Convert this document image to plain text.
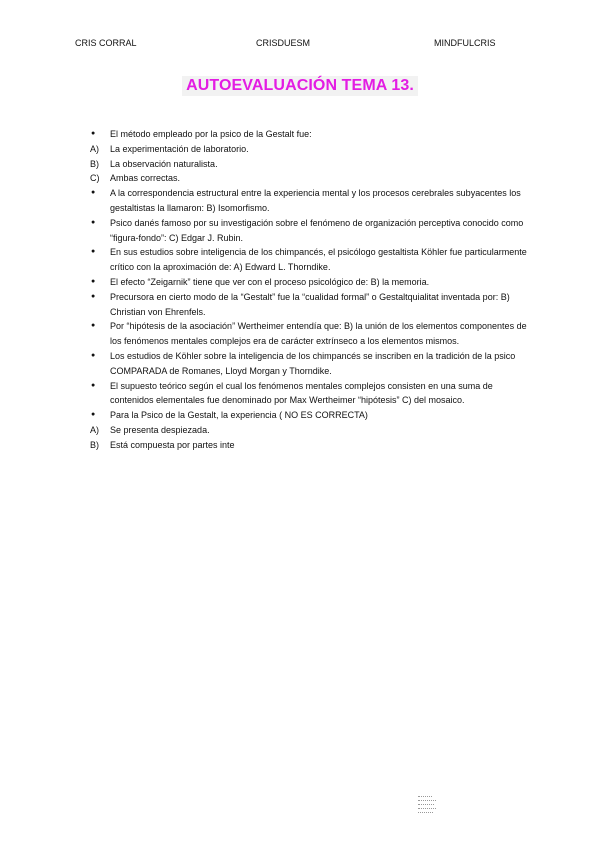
CRIS CORRAL	CRISDUESM	MINDFULCRIS
AUTOEVALUACIÓN TEMA 13.
●	El método empleado por la psico de la Gestalt fue:
A)	La experimentación de laboratorio.
B)	La observación naturalista.
C)	Ambas correctas.
●	A la correspondencia estructural entre la experiencia mental y los procesos cerebrales subyacentes los gestaltistas la llamaron: B) Isomorfismo.
●	Psico danés famoso por su investigación sobre el fenómeno de organización perceptiva conocido como “figura-fondo”: C) Edgar J. Rubin.
●	En sus estudios sobre inteligencia de los chimpancés, el psicólogo gestaltista Köhler fue particularmente crítico con la aproximación de: A) Edward L. Thorndike.
●	El efecto “Zeigarnik” tiene que ver con el proceso psicológico de: B) la memoria.
●	Precursora en cierto modo de la “Gestalt” fue la “cualidad formal” o Gestaltquialitat inventada por: B) Christian von Ehrenfels.
●	Por “hipótesis de la asociación” Wertheimer entendía que: B) la unión de los elementos componentes de los fenómenos mentales complejos era de carácter extrínseco a los elementos mismos.
●	Los estudios de Köhler sobre la inteligencia de los chimpancés se inscriben en la tradición de la psico COMPARADA de Romanes, Lloyd Morgan y Thorndike.
●	El supuesto teórico según el cual los fenómenos mentales complejos consisten en una suma de contenidos elementales fue denominado por Max Wertheimer “hipótesis” C) del mosaico.
●	Para la Psico de la Gestalt, la experiencia ( NO ES CORRECTA)
A)	Se presenta despiezada.
B)	Está compuesta por partes inte
